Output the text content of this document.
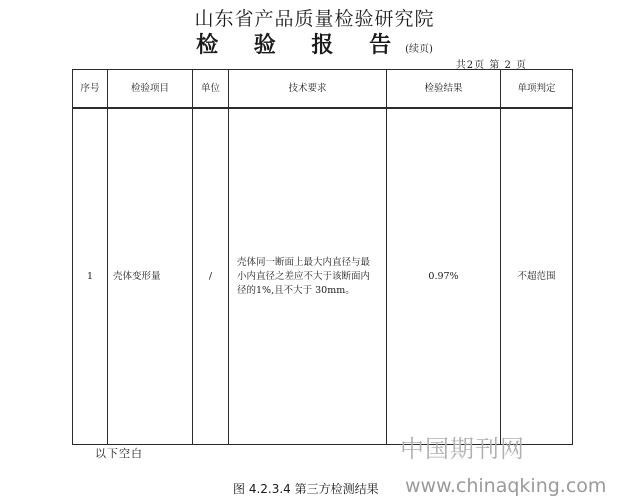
山东省产品质量检验研究院
检 验 报 告(续页)
共2页 第 2 页
序号	检验项目	单位	技术要求	检验结果	单项判定
1	壳体变形量	/	壳体同一断面上最大内直径与最小内直径之差应不大于该断面内径的1%,且不大于 30mm。	0.97%	不超范围
以下空白	中国期刊网
图 4.2.3.4 第三方检测结果 www.chinaqking.com
